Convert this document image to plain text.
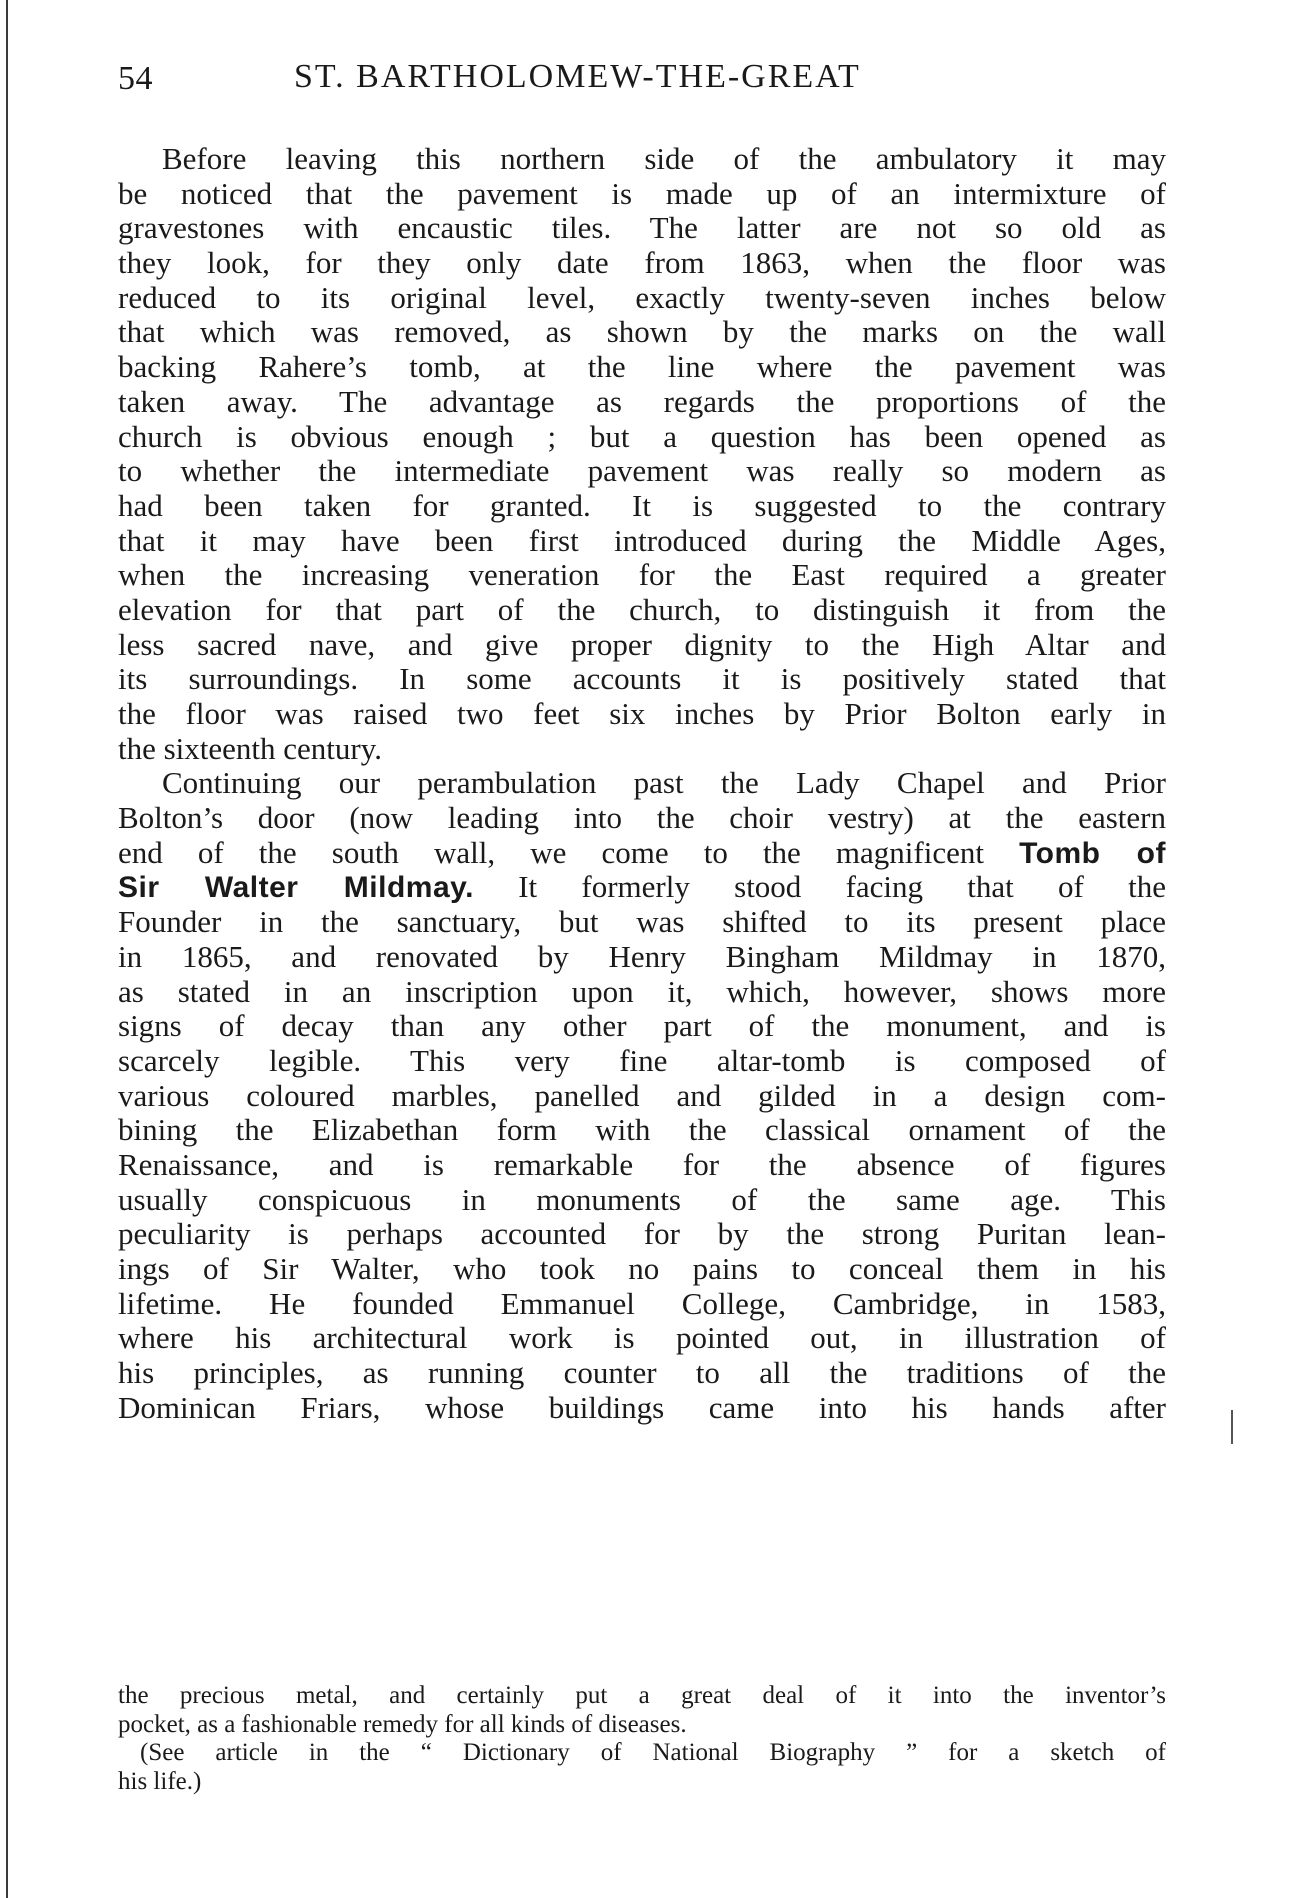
54	ST. BARTHOLOMEW-THE-GREAT
Before leaving this northern side of the ambulatory it may
be noticed that the pavement is made up of an intermixture of
gravestones with encaustic tiles. The latter are not so old as
they look, for they only date from 1863, when the floor was
reduced to its original level, exactly twenty-seven inches below
that which was removed, as shown by the marks on the wall
backing Rahere’s tomb, at the line where the pavement was
taken away. The advantage as regards the proportions of the
church is obvious enough ; but a question has been opened as
to whether the intermediate pavement was really so modern as
had been taken for granted. It is suggested to the contrary
that it may have been first introduced during the Middle Ages,
when the increasing veneration for the East required a greater
elevation for that part of the church, to distinguish it from the
less sacred nave, and give proper dignity to the High Altar and
its surroundings. In some accounts it is positively stated that
the floor was raised two feet six inches by Prior Bolton early in
the sixteenth century.
Continuing our perambulation past the Lady Chapel and Prior
Bolton’s door (now leading into the choir vestry) at the eastern
end of the south wall, we come to the magnificent Tomb of
Sir Walter Mildmay. It formerly stood facing that of the
Founder in the sanctuary, but was shifted to its present place
in 1865, and renovated by Henry Bingham Mildmay in 1870,
as stated in an inscription upon it, which, however, shows more
signs of decay than any other part of the monument, and is
scarcely legible. This very fine altar-tomb is composed of
various coloured marbles, panelled and gilded in a design com-
bining the Elizabethan form with the classical ornament of the
Renaissance, and is remarkable for the absence of figures
usually conspicuous in monuments of the same age. This
peculiarity is perhaps accounted for by the strong Puritan lean-
ings of Sir Walter, who took no pains to conceal them in his
lifetime. He founded Emmanuel College, Cambridge, in 1583,
where his architectural work is pointed out, in illustration of
his principles, as running counter to all the traditions of the
Dominican Friars, whose buildings came into his hands after
the precious metal, and certainly put a great deal of it into the inventor’s
pocket, as a fashionable remedy for all kinds of diseases.
(See article in the “ Dictionary of National Biography ” for a sketch of
his life.)
